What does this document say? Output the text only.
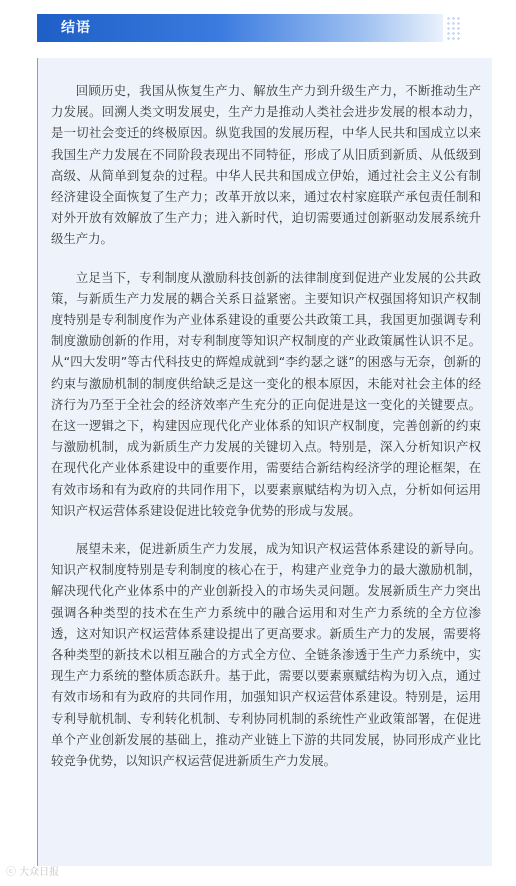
结语

回顾历史，我国从恢复生产力、解放生产力到升级生产力，不断推动生产力发展。回溯人类文明发展史，生产力是推动人类社会进步发展的根本动力，是一切社会变迁的终极原因。纵览我国的发展历程，中华人民共和国成立以来我国生产力发展在不同阶段表现出不同特征，形成了从旧质到新质、从低级到高级、从简单到复杂的过程。中华人民共和国成立伊始，通过社会主义公有制经济建设全面恢复了生产力；改革开放以来，通过农村家庭联产承包责任制和对外开放有效解放了生产力；进入新时代，迫切需要通过创新驱动发展系统升级生产力。

立足当下，专利制度从激励科技创新的法律制度到促进产业发展的公共政策，与新质生产力发展的耦合关系日益紧密。主要知识产权强国将知识产权制度特别是专利制度作为产业体系建设的重要公共政策工具，我国更加强调专利制度激励创新的作用，对专利制度等知识产权制度的产业政策属性认识不足。从“四大发明”等古代科技史的辉煌成就到“李约瑟之谜”的困惑与无奈，创新的约束与激励机制的制度供给缺乏是这一变化的根本原因，未能对社会主体的经济行为乃至于全社会的经济效率产生充分的正向促进是这一变化的关键要点。在这一逻辑之下，构建因应现代化产业体系的知识产权制度，完善创新的约束与激励机制，成为新质生产力发展的关键切入点。特别是，深入分析知识产权在现代化产业体系建设中的重要作用，需要结合新结构经济学的理论框架，在有效市场和有为政府的共同作用下，以要素禀赋结构为切入点，分析如何运用知识产权运营体系建设促进比较竞争优势的形成与发展。

展望未来，促进新质生产力发展，成为知识产权运营体系建设的新导向。知识产权制度特别是专利制度的核心在于，构建产业竞争力的最大激励机制，解决现代化产业体系中的产业创新投入的市场失灵问题。发展新质生产力突出强调各种类型的技术在生产力系统中的融合运用和对生产力系统的全方位渗透，这对知识产权运营体系建设提出了更高要求。新质生产力的发展，需要将各种类型的新技术以相互融合的方式全方位、全链条渗透于生产力系统中，实现生产力系统的整体质态跃升。基于此，需要以要素禀赋结构为切入点，通过有效市场和有为政府的共同作用，加强知识产权运营体系建设。特别是，运用专利导航机制、专利转化机制、专利协同机制的系统性产业政策部署，在促进单个产业创新发展的基础上，推动产业链上下游的共同发展，协同形成产业比较竞争优势，以知识产权运营促进新质生产力发展。

ⓒ 大众日报
